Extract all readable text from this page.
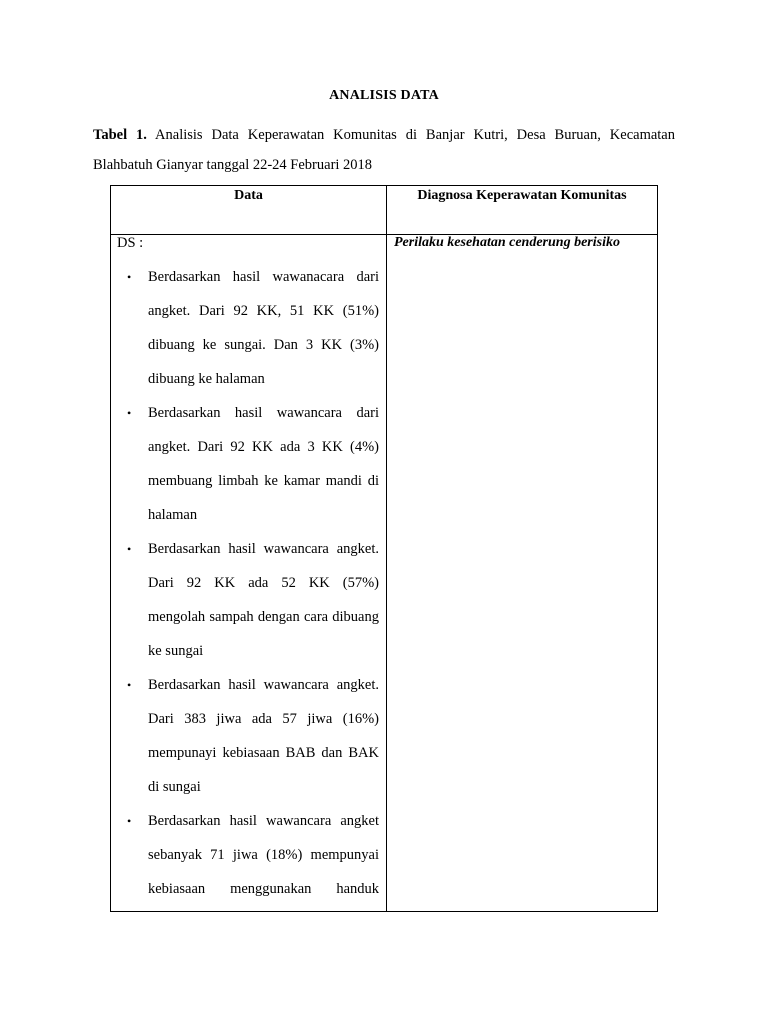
ANALISIS DATA
Tabel 1. Analisis Data Keperawatan Komunitas di Banjar Kutri, Desa Buruan, Kecamatan Blahbatuh Gianyar tanggal 22-24 Februari 2018
Data	Diagnosa Keperawatan Komunitas
DS :	Perilaku kesehatan cenderung berisiko
• Berdasarkan hasil wawanacara dari angket. Dari 92 KK, 51 KK (51%) dibuang ke sungai. Dan 3 KK (3%) dibuang ke halaman
• Berdasarkan hasil wawancara dari angket. Dari 92 KK ada 3 KK (4%) membuang limbah ke kamar mandi di halaman
• Berdasarkan hasil wawancara angket. Dari 92 KK ada 52 KK (57%) mengolah sampah dengan cara dibuang ke sungai
• Berdasarkan hasil wawancara angket. Dari 383 jiwa ada 57 jiwa (16%) mempunayi kebiasaan BAB dan BAK di sungai
• Berdasarkan hasil wawancara angket sebanyak 71 jiwa (18%) mempunyai kebiasaan menggunakan handuk
